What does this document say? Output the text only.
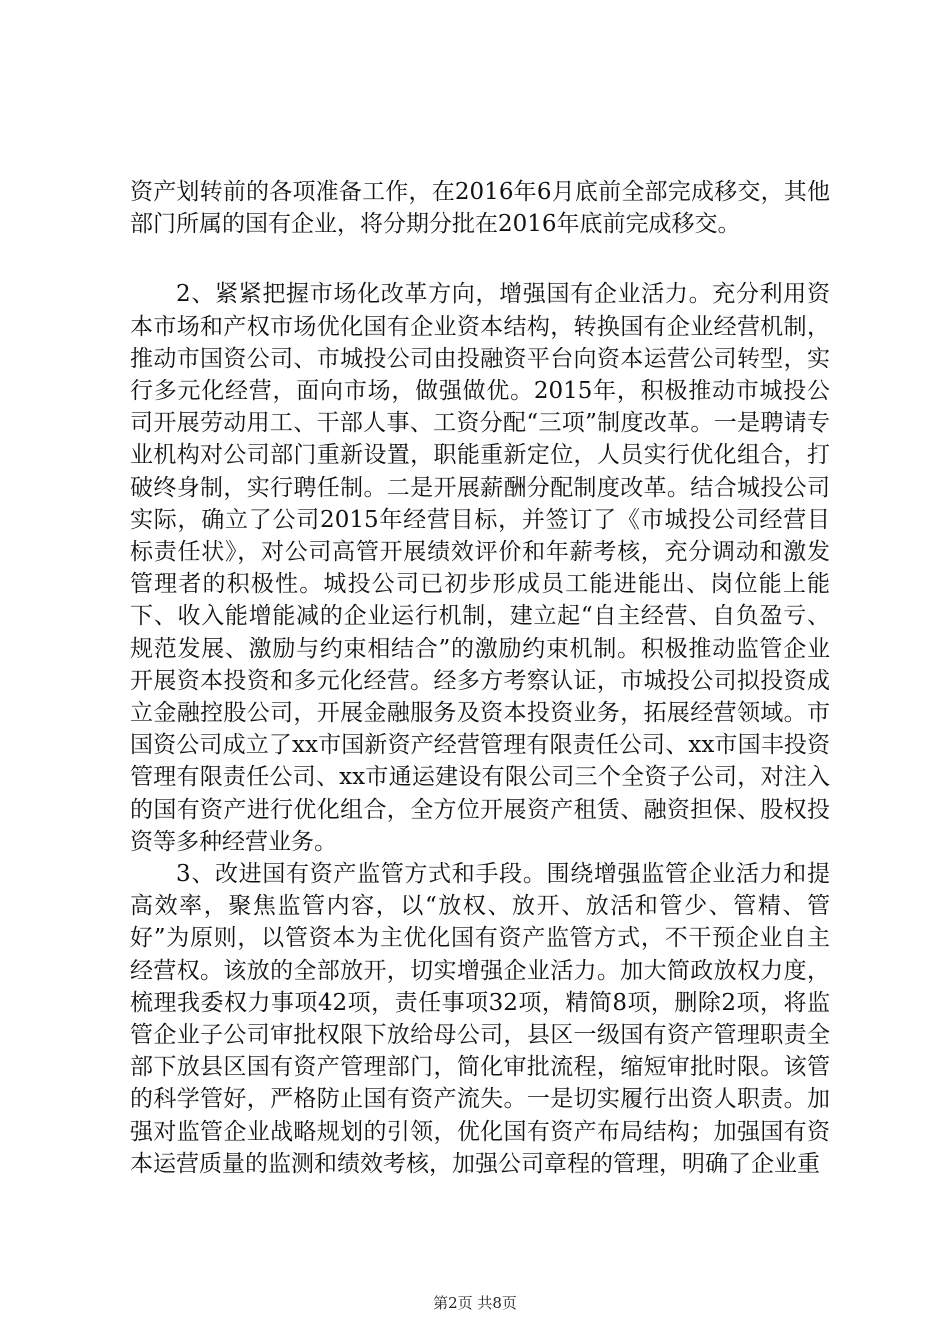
资产划转前的各项准备工作，在2016年6月底前全部完成移交，其他部门所属的国有企业，将分期分批在2016年底前完成移交。

2、紧紧把握市场化改革方向，增强国有企业活力。充分利用资本市场和产权市场优化国有企业资本结构，转换国有企业经营机制，推动市国资公司、市城投公司由投融资平台向资本运营公司转型，实行多元化经营，面向市场，做强做优。2015年，积极推动市城投公司开展劳动用工、干部人事、工资分配“三项”制度改革。一是聘请专业机构对公司部门重新设置，职能重新定位，人员实行优化组合，打破终身制，实行聘任制。二是开展薪酬分配制度改革。结合城投公司实际，确立了公司2015年经营目标，并签订了《市城投公司经营目标责任状》，对公司高管开展绩效评价和年薪考核，充分调动和激发管理者的积极性。城投公司已初步形成员工能进能出、岗位能上能下、收入能增能减的企业运行机制，建立起“自主经营、自负盈亏、规范发展、激励与约束相结合”的激励约束机制。积极推动监管企业开展资本投资和多元化经营。经多方考察认证，市城投公司拟投资成立金融控股公司，开展金融服务及资本投资业务，拓展经营领域。市国资公司成立了xx市国新资产经营管理有限责任公司、xx市国丰投资管理有限责任公司、xx市通运建设有限公司三个全资子公司，对注入的国有资产进行优化组合，全方位开展资产租赁、融资担保、股权投资等多种经营业务。

3、改进国有资产监管方式和手段。围绕增强监管企业活力和提高效率，聚焦监管内容，以“放权、放开、放活和管少、管精、管好”为原则，以管资本为主优化国有资产监管方式，不干预企业自主经营权。该放的全部放开，切实增强企业活力。加大简政放权力度，梳理我委权力事项42项，责任事项32项，精简8项，删除2项，将监管企业子公司审批权限下放给母公司，县区一级国有资产管理职责全部下放县区国有资产管理部门，简化审批流程，缩短审批时限。该管的科学管好，严格防止国有资产流失。一是切实履行出资人职责。加强对监管企业战略规划的引领，优化国有资产布局结构；加强国有资本运营质量的监测和绩效考核，加强公司章程的管理，明确了企业重

第2页 共8页
